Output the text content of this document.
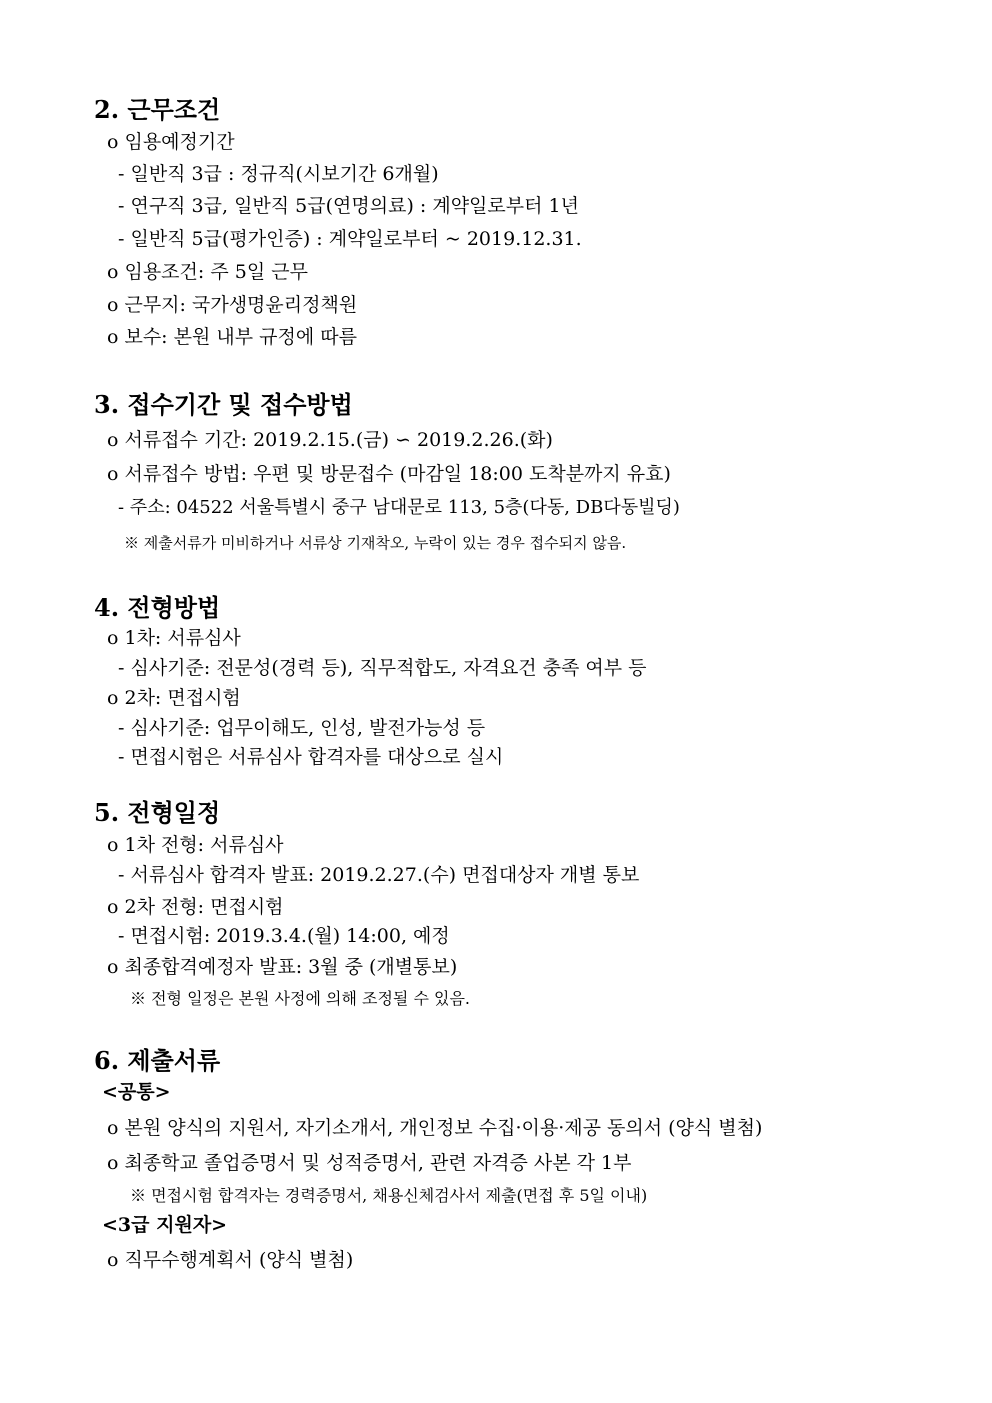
2. 근무조건
o 임용예정기간
- 일반직 3급 : 정규직(시보기간 6개월)
- 연구직 3급, 일반직 5급(연명의료) : 계약일로부터 1년
- 일반직 5급(평가인증) : 계약일로부터 ~ 2019.12.31.
o 임용조건: 주 5일 근무
o 근무지: 국가생명윤리정책원
o 보수: 본원 내부 규정에 따름
3. 접수기간 및 접수방법
o 서류접수 기간: 2019.2.15.(금) ∽ 2019.2.26.(화)
o 서류접수 방법: 우편 및 방문접수 (마감일 18:00 도착분까지 유효)
- 주소: 04522 서울특별시 중구 남대문로 113, 5층(다동, DB다동빌딩)
※ 제출서류가 미비하거나 서류상 기재착오, 누락이 있는 경우 접수되지 않음.
4. 전형방법
o 1차: 서류심사
- 심사기준: 전문성(경력 등), 직무적합도, 자격요건 충족 여부 등
o 2차: 면접시험
- 심사기준: 업무이해도, 인성, 발전가능성 등
- 면접시험은 서류심사 합격자를 대상으로 실시
5. 전형일정
o 1차 전형: 서류심사
- 서류심사 합격자 발표: 2019.2.27.(수) 면접대상자 개별 통보
o 2차 전형: 면접시험
- 면접시험: 2019.3.4.(월) 14:00, 예정
o 최종합격예정자 발표: 3월 중 (개별통보)
※ 전형 일정은 본원 사정에 의해 조정될 수 있음.
6. 제출서류
<공통>
o 본원 양식의 지원서, 자기소개서, 개인정보 수집·이용·제공 동의서 (양식 별첨)
o 최종학교 졸업증명서 및 성적증명서, 관련 자격증 사본 각 1부
※ 면접시험 합격자는 경력증명서, 채용신체검사서 제출(면접 후 5일 이내)
<3급 지원자>
o 직무수행계획서 (양식 별첨)
